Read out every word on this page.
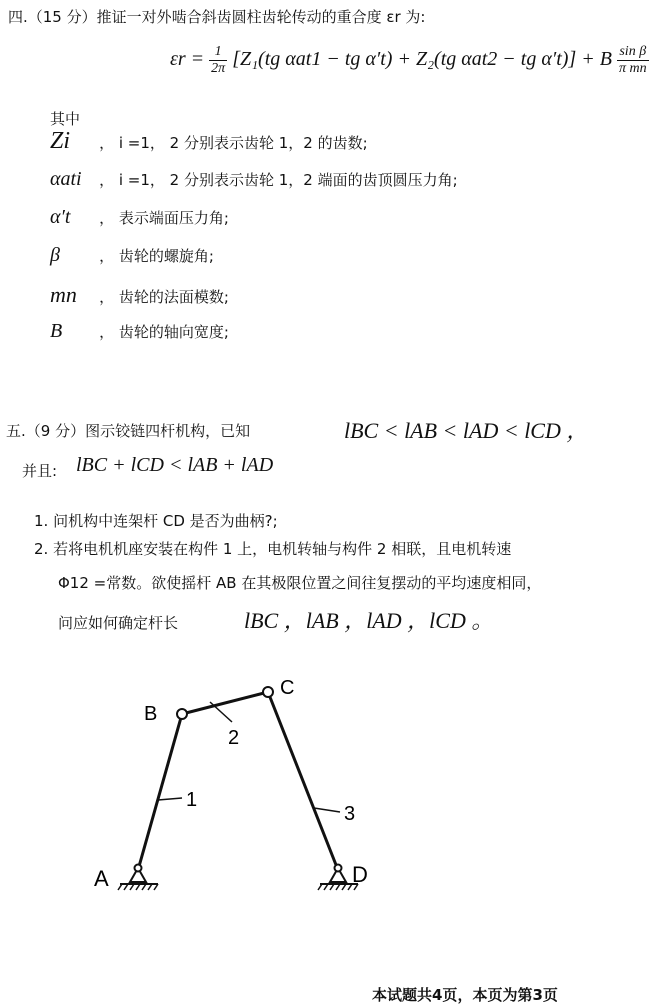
四.（15 分）推证一对外啮合斜齿圆柱齿轮传动的重合度 εr 为:
$\varepsilon r = \frac{1}{2\pi} [Z_1(tg$ αat1 − tg α′t) + Z₂(tg αat2 − tg α′t)] + B $\frac{\text{sin β}}{\text{π mn}}$
其中
Zi ， i =1， 2 分别表示齿轮 1，2 的齿数;
αati ， i =1， 2 分别表示齿轮 1，2 端面的齿顶圆压力角;
α′t ， 表示端面压力角;
β	， 齿轮的螺旋角;
mn ， 齿轮的法面模数;
B ， 齿轮的轴向宽度;
五.（9 分）图示铰链四杆机构，已知	lBC < lAB < lAD < lCD ，
并且: lBC + lCD < lAB + lAD
1. 问机构中连架杆 CD 是否为曲柄?;
2. 若将电机机座安装在构件 1 上，电机转轴与构件 2 相联，且电机转速
Φ12 =常数。欲使摇杆 AB 在其极限位置之间往复摆动的平均速度相同，
问应如何确定杆长	lBC ，lAB ，lAD ，lCD 。
B
C
A	D
1
2
3
本试题共4页，本页为第3页
